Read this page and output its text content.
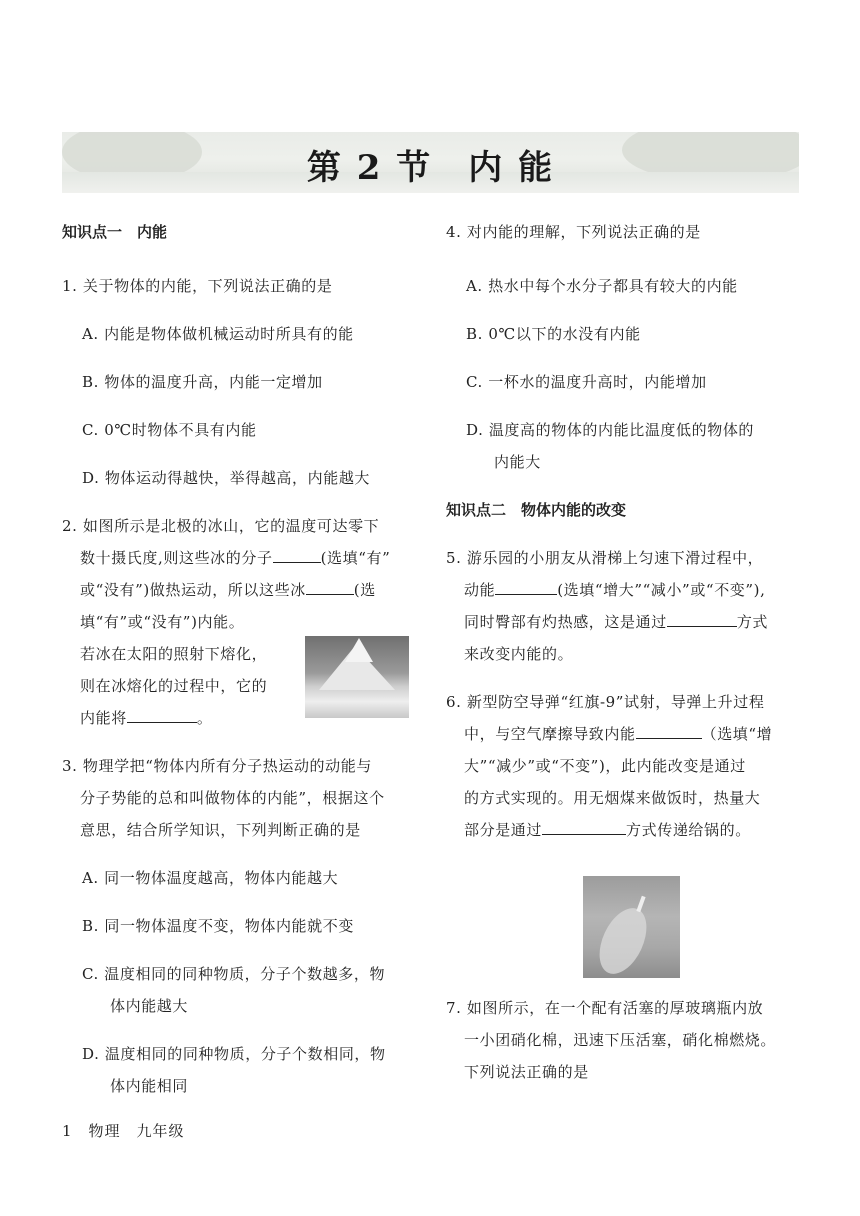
第 2 节　内 能
知识点一　内能
1. 关于物体的内能，下列说法正确的是
A. 内能是物体做机械运动时所具有的能
B. 物体的温度升高，内能一定增加
C. 0℃时物体不具有内能
D. 物体运动得越快，举得越高，内能越大
2. 如图所示是北极的冰山，它的温度可达零下
数十摄氏度,则这些冰的分子	(选填“有”
或“没有”)做热运动，所以这些冰	(选
填“有”或“没有”)内能。
若冰在太阳的照射下熔化，
则在冰熔化的过程中，它的
内能将	。
3. 物理学把“物体内所有分子热运动的动能与
分子势能的总和叫做物体的内能”，根据这个
意思，结合所学知识，下列判断正确的是
A. 同一物体温度越高，物体内能越大
B. 同一物体温度不变，物体内能就不变
C. 温度相同的同种物质，分子个数越多，物
体内能越大
D. 温度相同的同种物质，分子个数相同，物
体内能相同
4. 对内能的理解，下列说法正确的是
A. 热水中每个水分子都具有较大的内能
B. 0℃以下的水没有内能
C. 一杯水的温度升高时，内能增加
D. 温度高的物体的内能比温度低的物体的
内能大
知识点二　物体内能的改变
5. 游乐园的小朋友从滑梯上匀速下滑过程中，
动能	(选填“增大”“减小”或“不变”),
同时臀部有灼热感，这是通过	方式
来改变内能的。
6. 新型防空导弹“红旗-9”试射，导弹上升过程
中，与空气摩擦导致内能	（选填“增
大”“减少”或“不变”)，此内能改变是通过
的方式实现的。用无烟煤来做饭时，热量大
部分是通过	方式传递给锅的。
7. 如图所示，在一个配有活塞的厚玻璃瓶内放
一小团硝化棉，迅速下压活塞，硝化棉燃烧。
下列说法正确的是
1　物理　九年级
